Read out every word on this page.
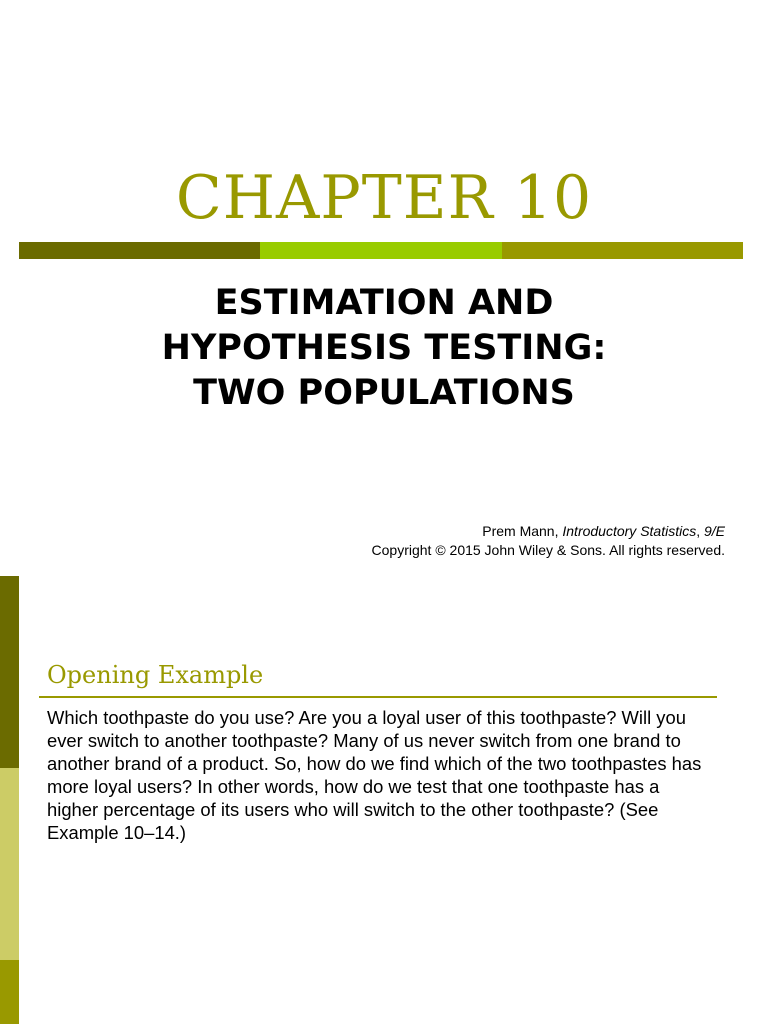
CHAPTER 10
ESTIMATION AND
HYPOTHESIS TESTING:
TWO POPULATIONS
Prem Mann, Introductory Statistics, 9/E
Copyright © 2015 John Wiley & Sons. All rights reserved.
Opening Example
Which toothpaste do you use? Are you a loyal user of this toothpaste? Will you
ever switch to another toothpaste? Many of us never switch from one brand to
another brand of a product. So, how do we find which of the two toothpastes has
more loyal users? In other words, how do we test that one toothpaste has a
higher percentage of its users who will switch to the other toothpaste? (See
Example 10–14.)
